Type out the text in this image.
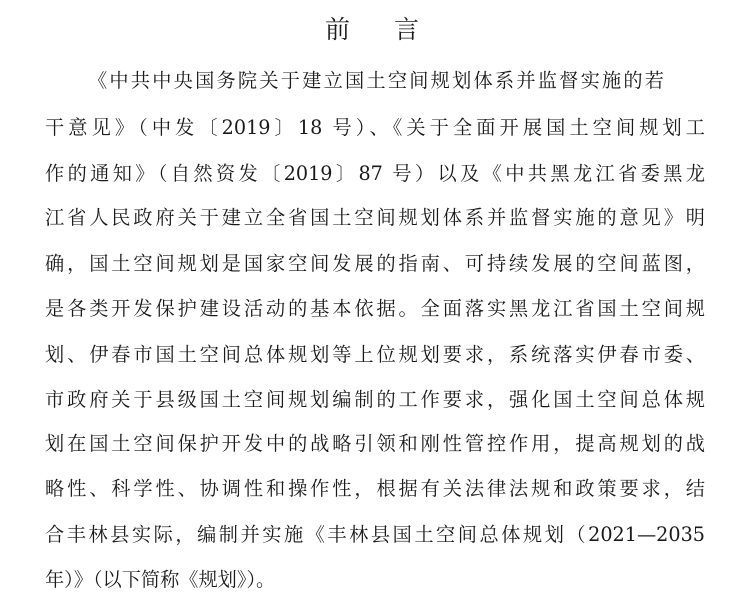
前 言
《中共中央国务院关于建立国土空间规划体系并监督实施的若
干意见》（中发〔2019〕18 号）、《关于全面开展国土空间规划工
作的通知》（自然资发〔2019〕87 号）以及《中共黑龙江省委黑龙
江省人民政府关于建立全省国土空间规划体系并监督实施的意见》明
确，国土空间规划是国家空间发展的指南、可持续发展的空间蓝图，
是各类开发保护建设活动的基本依据。全面落实黑龙江省国土空间规
划、伊春市国土空间总体规划等上位规划要求，系统落实伊春市委、
市政府关于县级国土空间规划编制的工作要求，强化国土空间总体规
划在国土空间保护开发中的战略引领和刚性管控作用，提高规划的战
略性、科学性、协调性和操作性，根据有关法律法规和政策要求，结
合丰林县实际，编制并实施《丰林县国土空间总体规划（2021—2035
年）》（以下简称《规划》）。
